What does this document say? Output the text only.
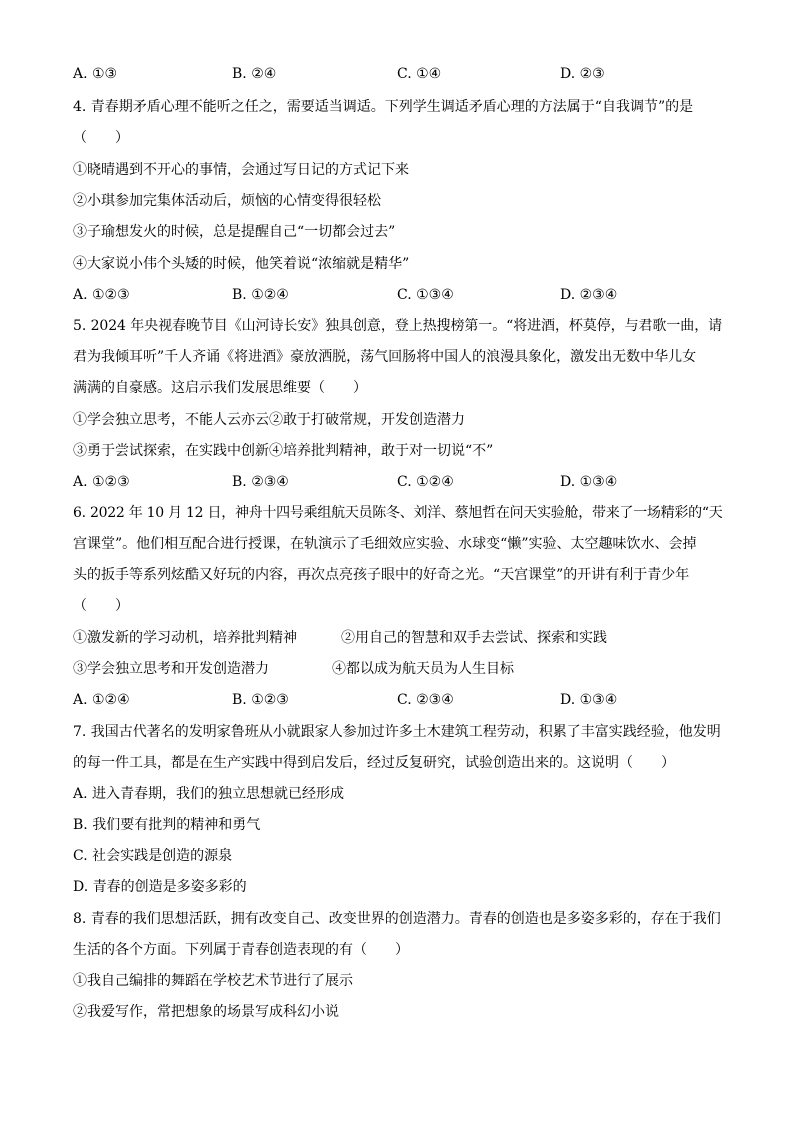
A. ①③	B. ②④	C. ①④	D. ②③
4. 青春期矛盾心理不能听之任之，需要适当调适。下列学生调适矛盾心理的方法属于“自我调节”的是
（　　）
①晓晴遇到不开心的事情，会通过写日记的方式记下来
②小琪参加完集体活动后，烦恼的心情变得很轻松
③子瑜想发火的时候，总是提醒自己“一切都会过去”
④大家说小伟个头矮的时候，他笑着说“浓缩就是精华”
A. ①②③	B. ①②④	C. ①③④	D. ②③④
5. 2024 年央视春晚节目《山河诗长安》独具创意，登上热搜榜第一。“将进酒，杯莫停，与君歌一曲，请
君为我倾耳听”千人齐诵《将进酒》豪放洒脱，荡气回肠将中国人的浪漫具象化，激发出无数中华儿女
满满的自豪感。这启示我们发展思维要（　　）
①学会独立思考，不能人云亦云②敢于打破常规，开发创造潜力
③勇于尝试探索，在实践中创新④培养批判精神，敢于对一切说“不”
A. ①②③	B. ②③④	C. ①②④	D. ①③④
6. 2022 年 10 月 12 日，神舟十四号乘组航天员陈冬、刘洋、蔡旭哲在问天实验舱，带来了一场精彩的“天
宫课堂”。他们相互配合进行授课，在轨演示了毛细效应实验、水球变“懒”实验、太空趣味饮水、会掉
头的扳手等系列炫酷又好玩的内容，再次点亮孩子眼中的好奇之光。“天宫课堂”的开讲有利于青少年
（　　）
①激发新的学习动机，培养批判精神	②用自己的智慧和双手去尝试、探索和实践
③学会独立思考和开发创造潜力	④都以成为航天员为人生目标
A. ①②④	B. ①②③	C. ②③④	D. ①③④
7. 我国古代著名的发明家鲁班从小就跟家人参加过许多土木建筑工程劳动，积累了丰富实践经验，他发明
的每一件工具，都是在生产实践中得到启发后，经过反复研究，试验创造出来的。这说明（　　）
A. 进入青春期，我们的独立思想就已经形成
B. 我们要有批判的精神和勇气
C. 社会实践是创造的源泉
D. 青春的创造是多姿多彩的
8. 青春的我们思想活跃，拥有改变自己、改变世界的创造潜力。青春的创造也是多姿多彩的，存在于我们
生活的各个方面。下列属于青春创造表现的有（　　）
①我自己编排的舞蹈在学校艺术节进行了展示
②我爱写作，常把想象的场景写成科幻小说
